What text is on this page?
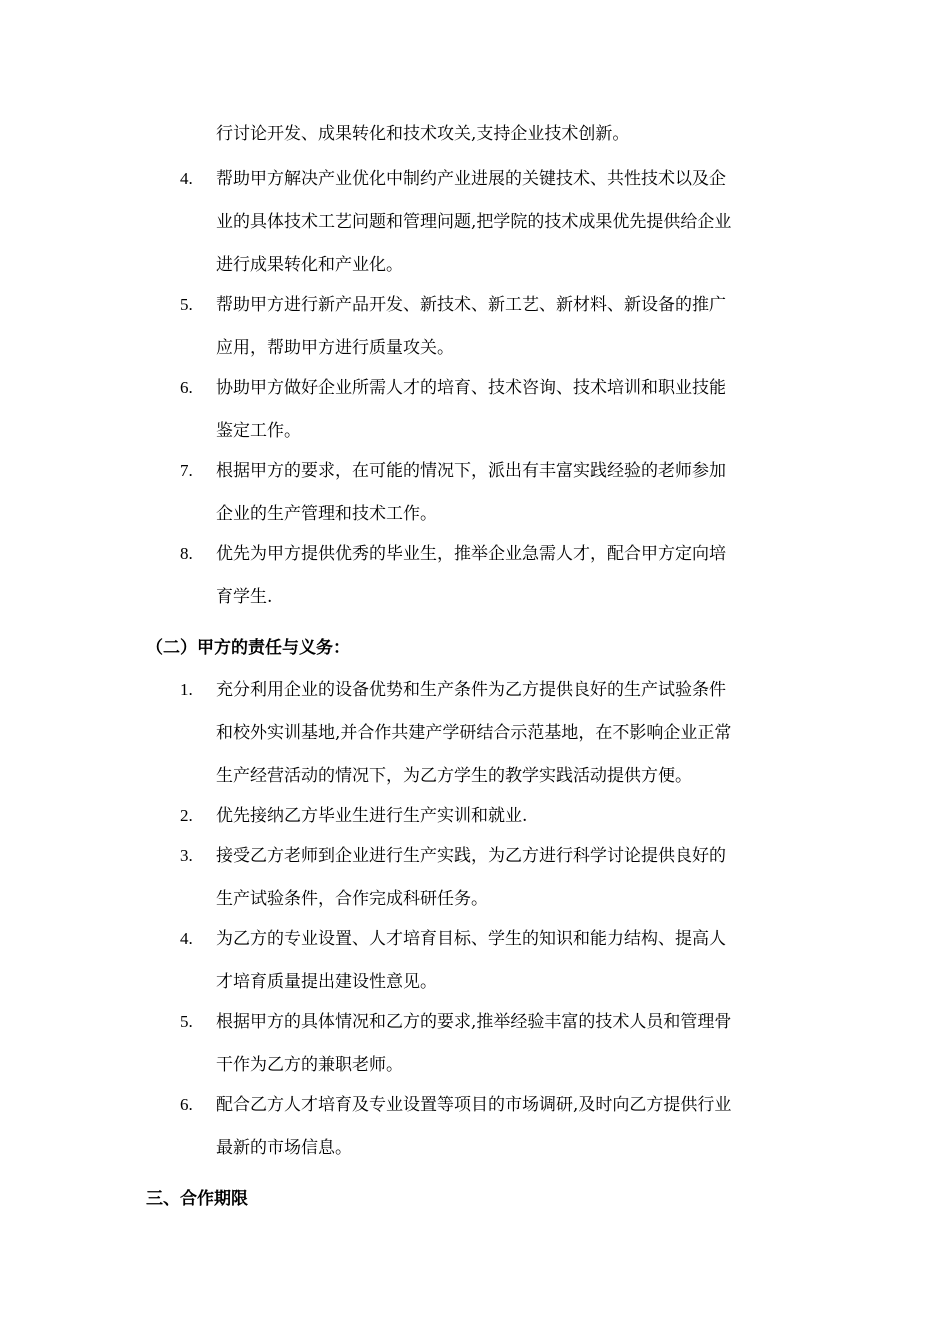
行讨论开发、成果转化和技术攻关,支持企业技术创新。
4.	帮助甲方解决产业优化中制约产业进展的关键技术、共性技术以及企
业的具体技术工艺问题和管理问题,把学院的技术成果优先提供给企业
进行成果转化和产业化。
5.	帮助甲方进行新产品开发、新技术、新工艺、新材料、新设备的推广
应用，帮助甲方进行质量攻关。
6.	协助甲方做好企业所需人才的培育、技术咨询、技术培训和职业技能
鉴定工作。
7.	根据甲方的要求，在可能的情况下，派出有丰富实践经验的老师参加
企业的生产管理和技术工作。
8.	优先为甲方提供优秀的毕业生，推举企业急需人才，配合甲方定向培
育学生.
（二）甲方的责任与义务：
1.	充分利用企业的设备优势和生产条件为乙方提供良好的生产试验条件
和校外实训基地,并合作共建产学研结合示范基地，在不影响企业正常
生产经营活动的情况下，为乙方学生的教学实践活动提供方便。
2.	优先接纳乙方毕业生进行生产实训和就业.
3.	接受乙方老师到企业进行生产实践，为乙方进行科学讨论提供良好的
生产试验条件，合作完成科研任务。
4.	为乙方的专业设置、人才培育目标、学生的知识和能力结构、提高人
才培育质量提出建设性意见。
5.	根据甲方的具体情况和乙方的要求,推举经验丰富的技术人员和管理骨
干作为乙方的兼职老师。
6.	配合乙方人才培育及专业设置等项目的市场调研,及时向乙方提供行业
最新的市场信息。
三、合作期限
